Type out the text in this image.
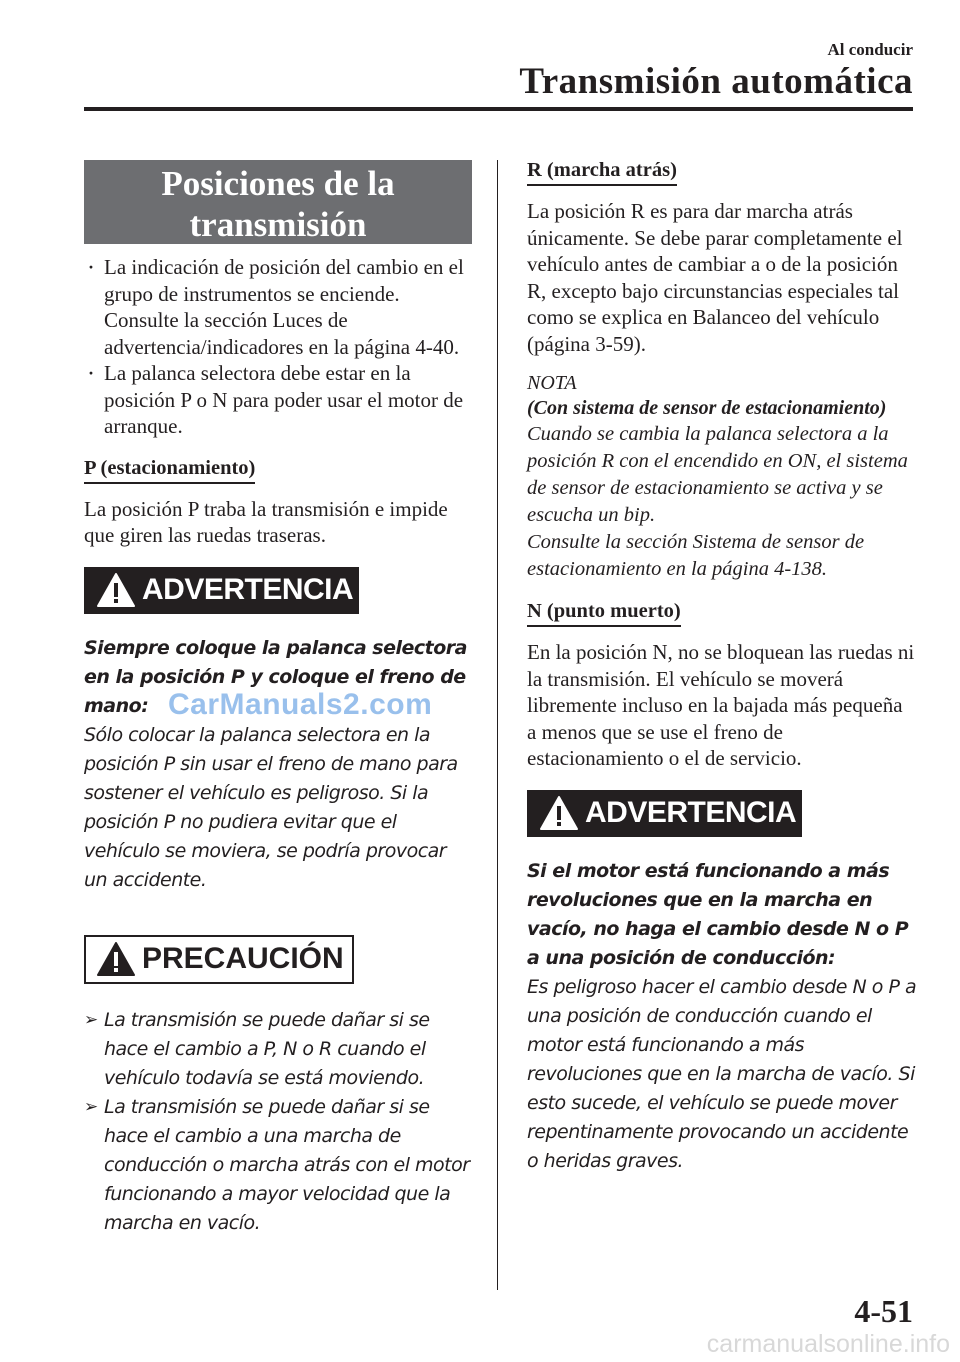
Al conducir
Transmisión automática
Posiciones de la
transmisión
· La indicación de posición del cambio en el grupo de instrumentos se enciende. Consulte la sección Luces de advertencia/indicadores en la página 4-40.
· La palanca selectora debe estar en la posición P o N para poder usar el motor de arranque.
P (estacionamiento)
La posición P traba la transmisión e impide que giren las ruedas traseras.
ADVERTENCIA
Siempre coloque la palanca selectora en la posición P y coloque el freno de mano:
Sólo colocar la palanca selectora en la posición P sin usar el freno de mano para sostener el vehículo es peligroso. Si la posición P no pudiera evitar que el vehículo se moviera, se podría provocar un accidente.
PRECAUCIÓN
➢ La transmisión se puede dañar si se hace el cambio a P, N o R cuando el vehículo todavía se está moviendo.
➢ La transmisión se puede dañar si se hace el cambio a una marcha de conducción o marcha atrás con el motor funcionando a mayor velocidad que la marcha en vacío.
R (marcha atrás)
La posición R es para dar marcha atrás únicamente. Se debe parar completamente el vehículo antes de cambiar a o de la posición R, excepto bajo circunstancias especiales tal como se explica en Balanceo del vehículo (página 3-59).
NOTA
(Con sistema de sensor de estacionamiento)
Cuando se cambia la palanca selectora a la posición R con el encendido en ON, el sistema de sensor de estacionamiento se activa y se escucha un bip.
Consulte la sección Sistema de sensor de estacionamiento en la página 4-138.
N (punto muerto)
En la posición N, no se bloquean las ruedas ni la transmisión. El vehículo se moverá libremente incluso en la bajada más pequeña a menos que se use el freno de estacionamiento o el de servicio.
ADVERTENCIA
Si el motor está funcionando a más revoluciones que en la marcha en vacío, no haga el cambio desde N o P a una posición de conducción:
Es peligroso hacer el cambio desde N o P a una posición de conducción cuando el motor está funcionando a más revoluciones que en la marcha de vacío. Si esto sucede, el vehículo se puede mover repentinamente provocando un accidente o heridas graves.
CarManuals2.com
4-51
carmanualsonline.info
